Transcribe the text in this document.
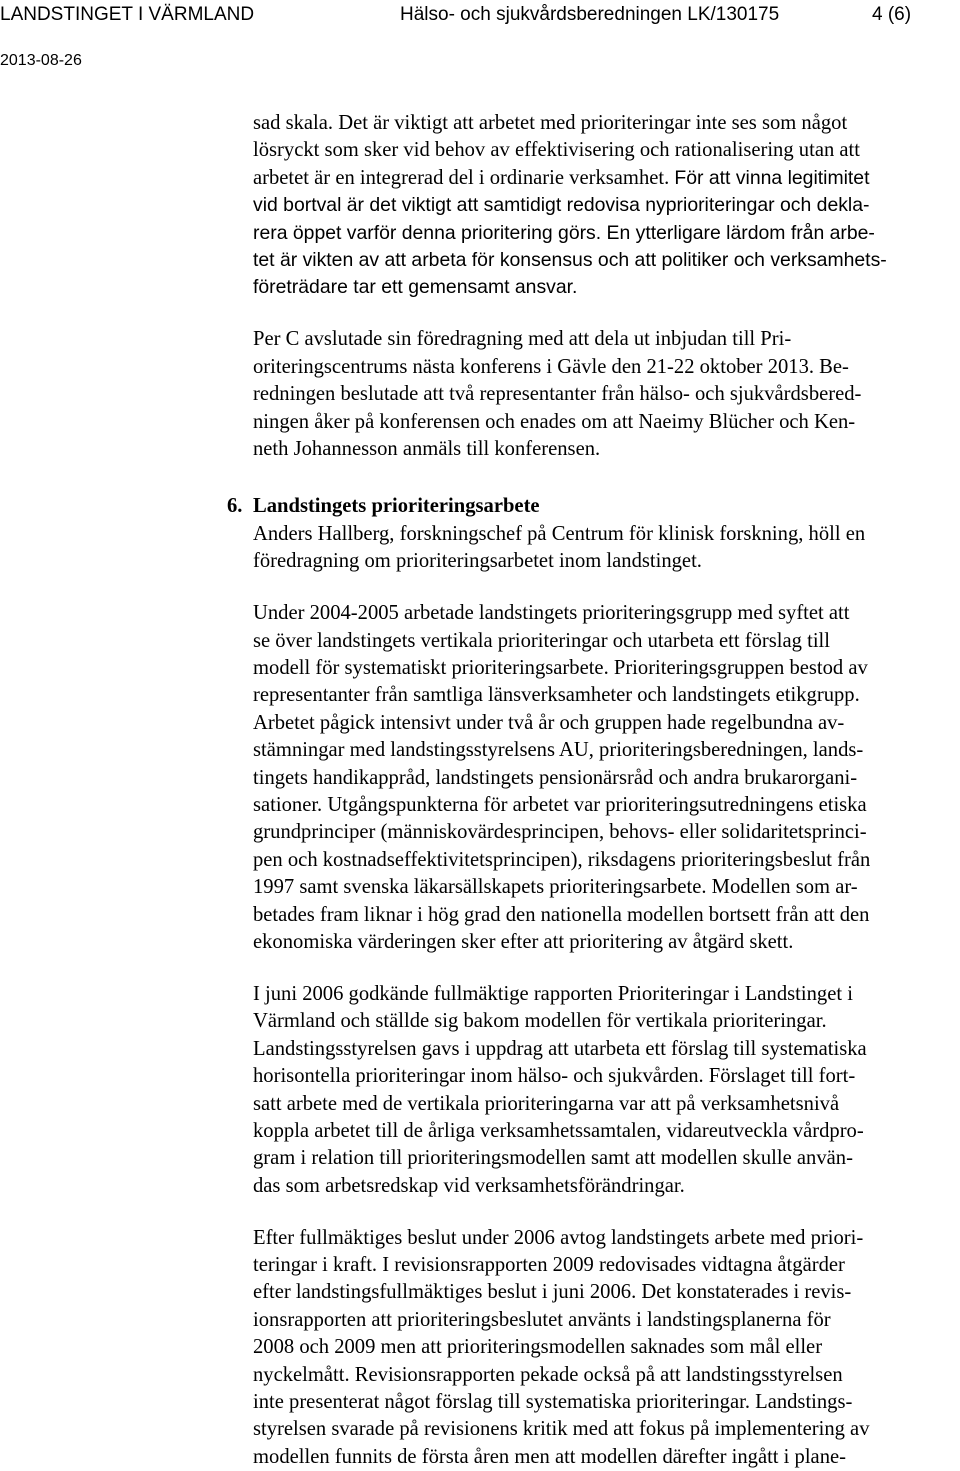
LANDSTINGET I VÄRMLAND	Hälso- och sjukvårdsberedningen LK/130175	4 (6)
2013-08-26

sad skala. Det är viktigt att arbetet med prioriteringar inte ses som något
lösryckt som sker vid behov av effektivisering och rationalisering utan att
arbetet är en integrerad del i ordinarie verksamhet. För att vinna legitimitet
vid bortval är det viktigt att samtidigt redovisa nyprioriteringar och dekla-
rera öppet varför denna prioritering görs. En ytterligare lärdom från arbe-
tet är vikten av att arbeta för konsensus och att politiker och verksamhets-
företrädare tar ett gemensamt ansvar.

Per C avslutade sin föredragning med att dela ut inbjudan till Pri-
oriteringscentrums nästa konferens i Gävle den 21-22 oktober 2013. Be-
redningen beslutade att två representanter från hälso- och sjukvårdsbered-
ningen åker på konferensen och enades om att Naeimy Blücher och Ken-
neth Johannesson anmäls till konferensen.

6. Landstingets prioriteringsarbete

Anders Hallberg, forskningschef på Centrum för klinisk forskning, höll en
föredragning om prioriteringsarbetet inom landstinget.

Under 2004-2005 arbetade landstingets prioriteringsgrupp med syftet att
se över landstingets vertikala prioriteringar och utarbeta ett förslag till
modell för systematiskt prioriteringsarbete. Prioriteringsgruppen bestod av
representanter från samtliga länsverksamheter och landstingets etikgrupp.
Arbetet pågick intensivt under två år och gruppen hade regelbundna av-
stämningar med landstingsstyrelsens AU, prioriteringsberedningen, lands-
tingets handikappråd, landstingets pensionärsråd och andra brukarorgani-
sationer. Utgångspunkterna för arbetet var prioriteringsutredningens etiska
grundprinciper (människovärdesprincipen, behovs- eller solidaritetsprinci-
pen och kostnadseffektivitetsprincipen), riksdagens prioriteringsbeslut från
1997 samt svenska läkarsällskapets prioriteringsarbete. Modellen som ar-
betades fram liknar i hög grad den nationella modellen bortsett från att den
ekonomiska värderingen sker efter att prioritering av åtgärd skett.

I juni 2006 godkände fullmäktige rapporten Prioriteringar i Landstinget i
Värmland och ställde sig bakom modellen för vertikala prioriteringar.
Landstingsstyrelsen gavs i uppdrag att utarbeta ett förslag till systematiska
horisontella prioriteringar inom hälso- och sjukvården. Förslaget till fort-
satt arbete med de vertikala prioriteringarna var att på verksamhetsnivå
koppla arbetet till de årliga verksamhetssamtalen, vidareutveckla vårdpro-
gram i relation till prioriteringsmodellen samt att modellen skulle använ-
das som arbetsredskap vid verksamhetsförändringar.

Efter fullmäktiges beslut under 2006 avtog landstingets arbete med priori-
teringar i kraft. I revisionsrapporten 2009 redovisades vidtagna åtgärder
efter landstingsfullmäktiges beslut i juni 2006. Det konstaterades i revis-
ionsrapporten att prioriteringsbeslutet använts i landstingsplanerna för
2008 och 2009 men att prioriteringsmodellen saknades som mål eller
nyckelmått. Revisionsrapporten pekade också på att landstingsstyrelsen
inte presenterat något förslag till systematiska prioriteringar. Landstings-
styrelsen svarade på revisionens kritik med att fokus på implementering av
modellen funnits de första åren men att modellen därefter ingått i plane-
